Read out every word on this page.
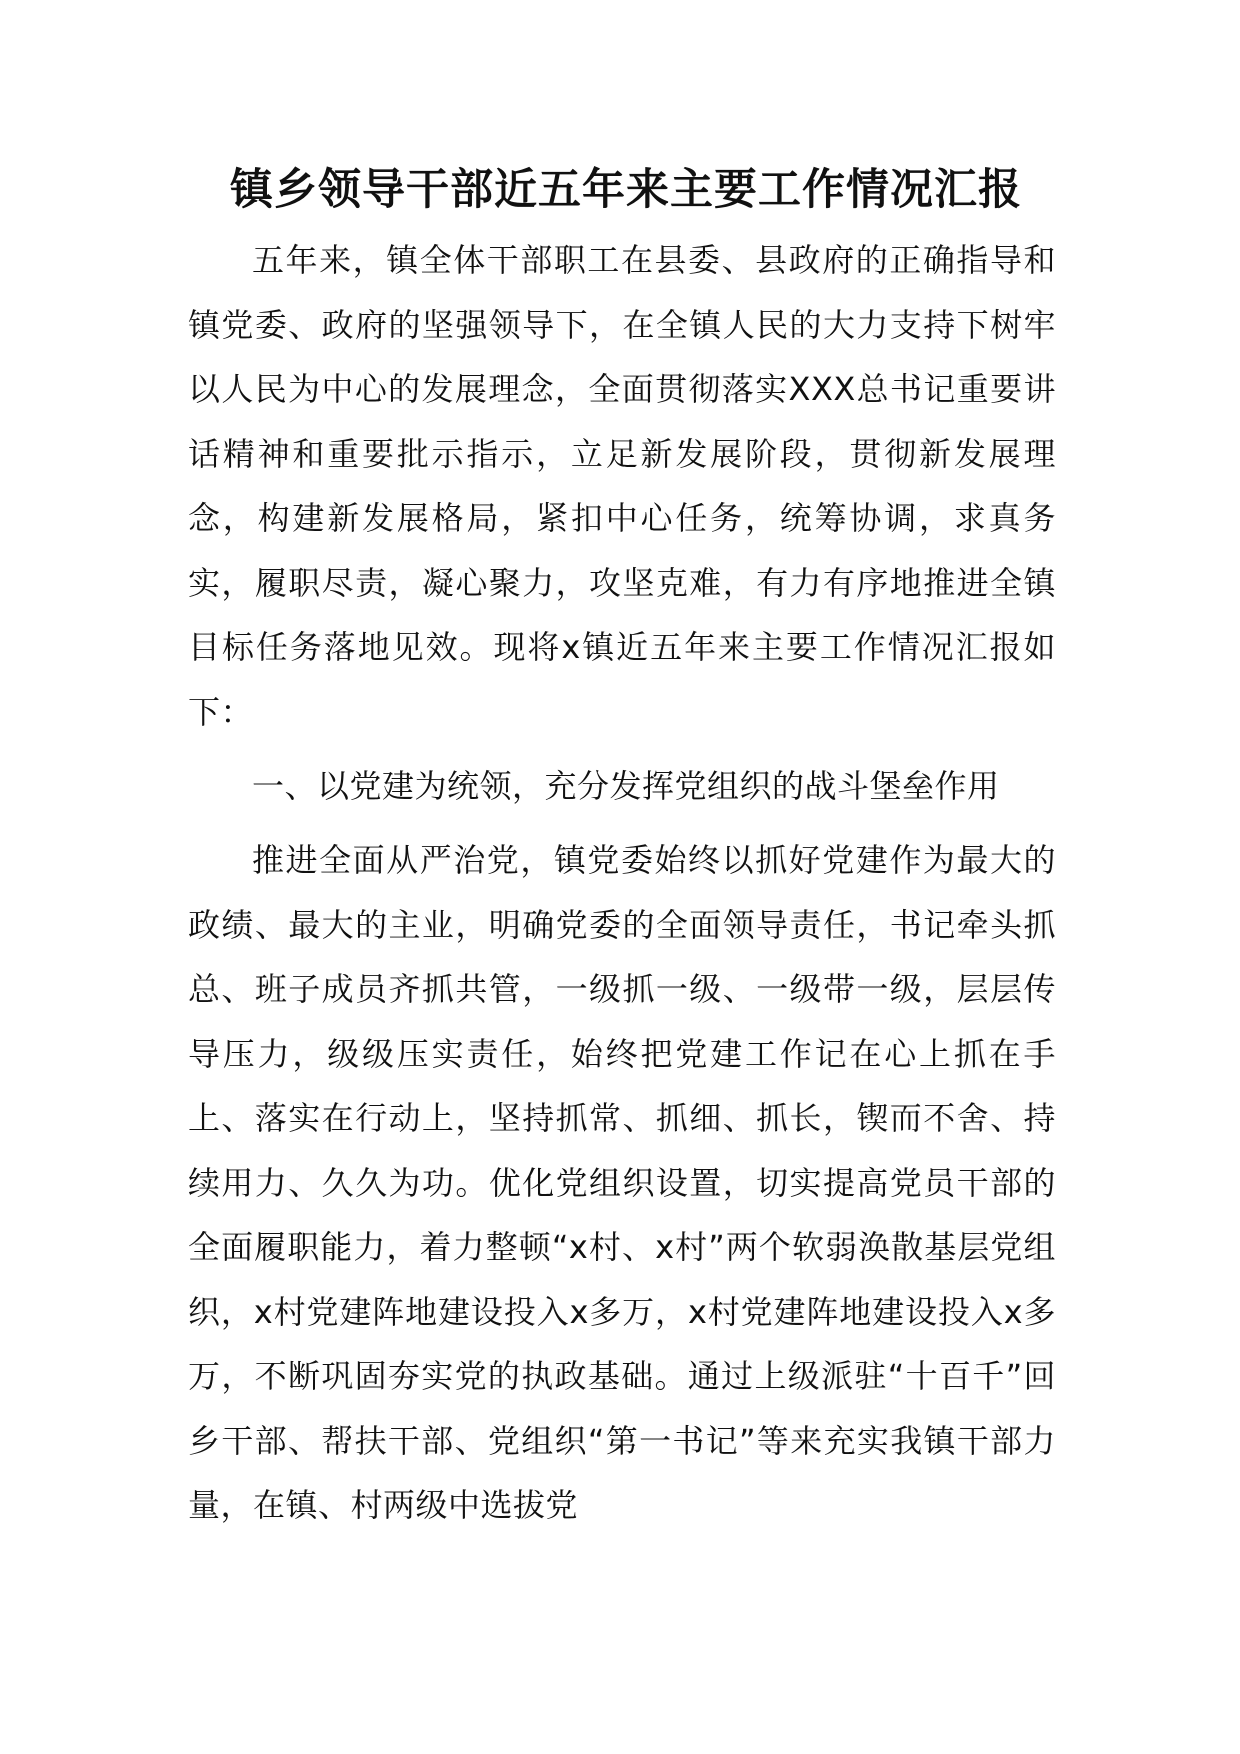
镇乡领导干部近五年来主要工作情况汇报

五年来，镇全体干部职工在县委、县政府的正确指导和镇党委、政府的坚强领导下，在全镇人民的大力支持下树牢以人民为中心的发展理念，全面贯彻落实XXX总书记重要讲话精神和重要批示指示，立足新发展阶段，贯彻新发展理念，构建新发展格局，紧扣中心任务，统筹协调，求真务实，履职尽责，凝心聚力，攻坚克难，有力有序地推进全镇目标任务落地见效。现将x镇近五年来主要工作情况汇报如下：

一、以党建为统领，充分发挥党组织的战斗堡垒作用

推进全面从严治党，镇党委始终以抓好党建作为最大的政绩、最大的主业，明确党委的全面领导责任，书记牵头抓总、班子成员齐抓共管，一级抓一级、一级带一级，层层传导压力，级级压实责任，始终把党建工作记在心上抓在手上、落实在行动上，坚持抓常、抓细、抓长，锲而不舍、持续用力、久久为功。优化党组织设置，切实提高党员干部的全面履职能力，着力整顿“x村、x村”两个软弱涣散基层党组织，x村党建阵地建设投入x多万，x村党建阵地建设投入x多万，不断巩固夯实党的执政基础。通过上级派驻“十百千”回乡干部、帮扶干部、党组织“第一书记”等来充实我镇干部力量，在镇、村两级中选拔党
